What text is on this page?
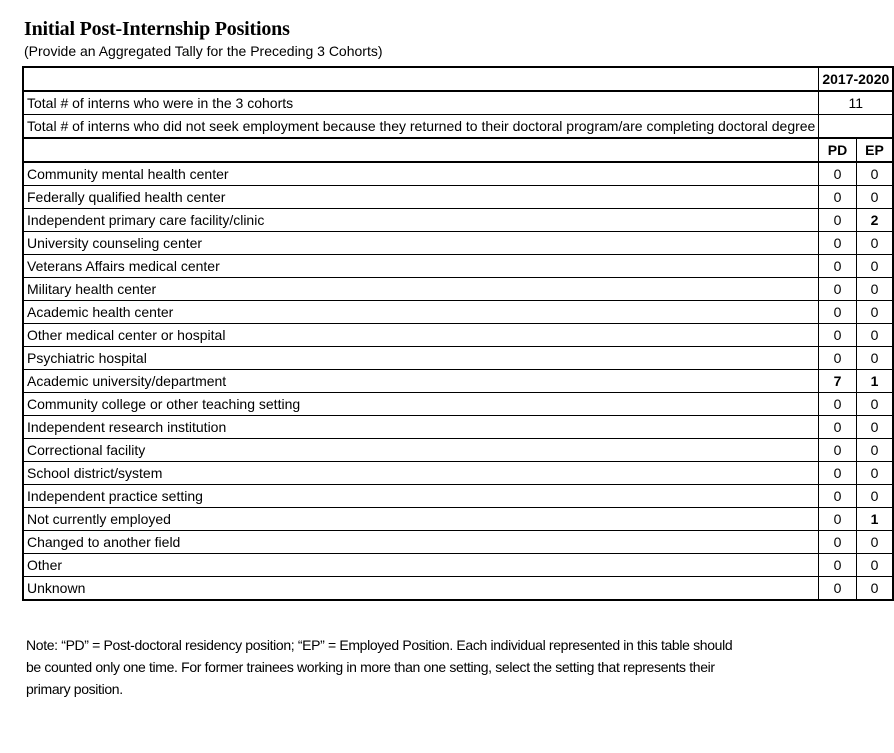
Initial Post-Internship Positions
(Provide an Aggregated Tally for the Preceding 3 Cohorts)
	2017-2020	
Total # of interns who were in the 3 cohorts	11	
Total # of interns who did not seek employment because they returned to their doctoral program/are completing doctoral degree		
	PD	EP
Community mental health center	0	0
Federally qualified health center	0	0
Independent primary care facility/clinic	0	2
University counseling center	0	0
Veterans Affairs medical center	0	0
Military health center	0	0
Academic health center	0	0
Other medical center or hospital	0	0
Psychiatric hospital	0	0
Academic university/department	7	1
Community college or other teaching setting	0	0
Independent research institution	0	0
Correctional facility	0	0
School district/system	0	0
Independent practice setting	0	0
Not currently employed	0	1
Changed to another field	0	0
Other	0	0
Unknown	0	0
Note: “PD” = Post-doctoral residency position; “EP” = Employed Position. Each individual represented in this table should be counted only one time. For former trainees working in more than one setting, select the setting that represents their primary position.
